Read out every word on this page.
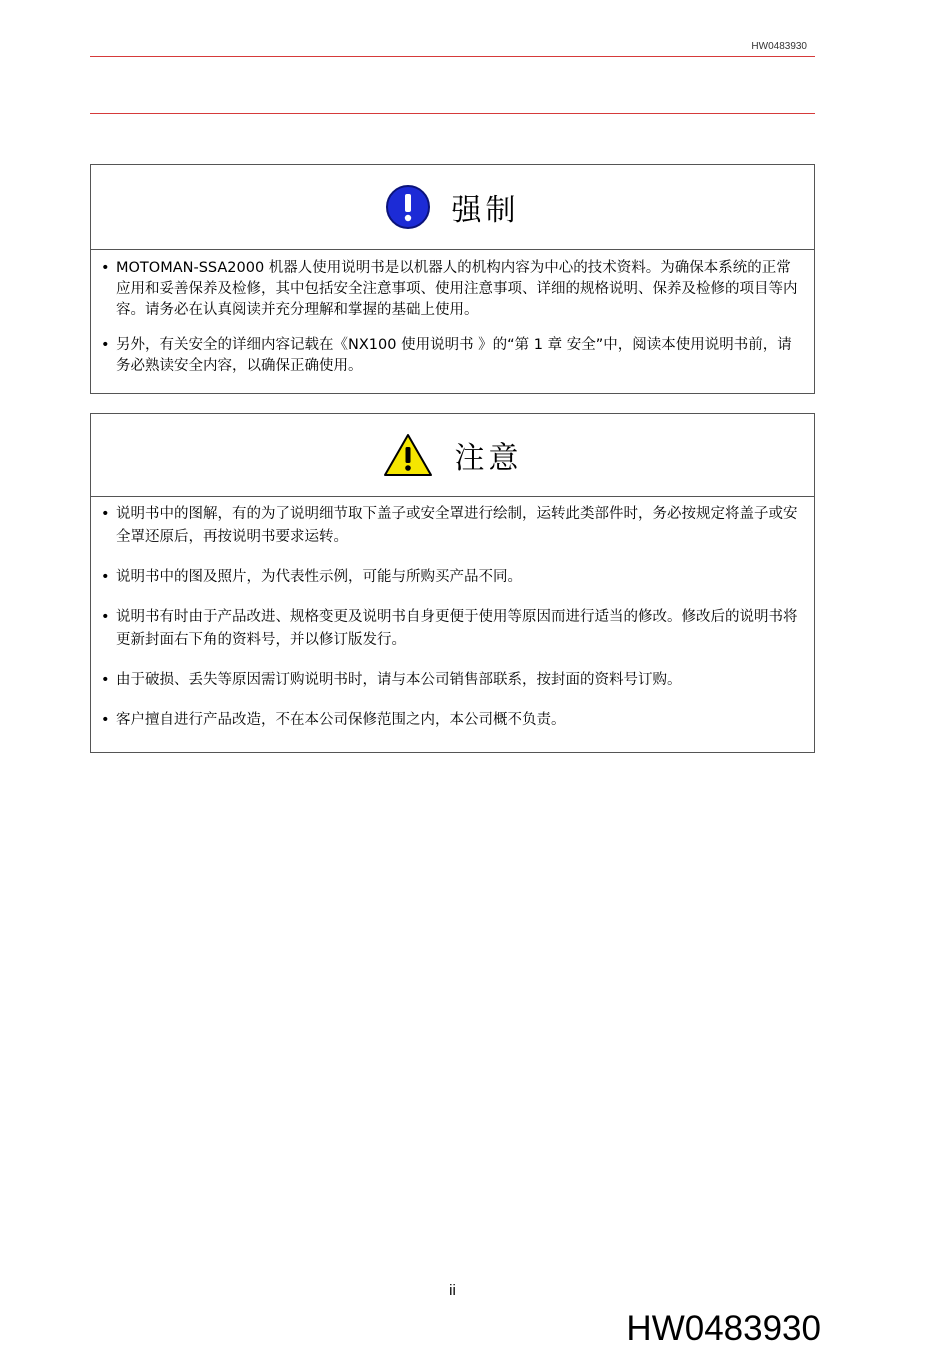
HW0483930
强制
• MOTOMAN-SSA2000 机器人使用说明书是以机器人的机构内容为中心的技术资料。为确保本系统的正常应用和妥善保养及检修，其中包括安全注意事项、使用注意事项、详细的规格说明、保养及检修的项目等内容。请务必在认真阅读并充分理解和掌握的基础上使用。
• 另外，有关安全的详细内容记载在《NX100 使用说明书 》的“第 1 章 安全”中，阅读本使用说明书前，请务必熟读安全内容，以确保正确使用。
注意
• 说明书中的图解，有的为了说明细节取下盖子或安全罩进行绘制，运转此类部件时，务必按规定将盖子或安全罩还原后，再按说明书要求运转。
• 说明书中的图及照片，为代表性示例，可能与所购买产品不同。
• 说明书有时由于产品改进、规格变更及说明书自身更便于使用等原因而进行适当的修改。修改后的说明书将更新封面右下角的资料号，并以修订版发行。
• 由于破损、丢失等原因需订购说明书时，请与本公司销售部联系，按封面的资料号订购。
• 客户擅自进行产品改造，不在本公司保修范围之内，本公司概不负责。
ii
HW0483930
